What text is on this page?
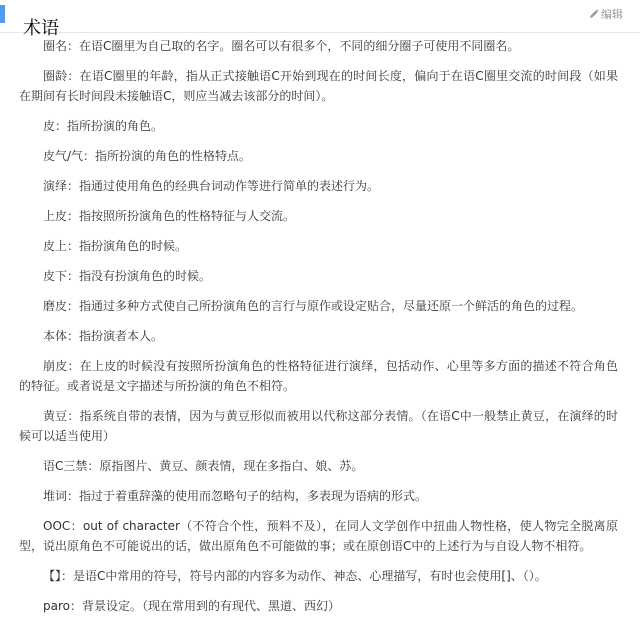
术语
编辑

圈名：在语C圈里为自己取的名字。圈名可以有很多个，不同的细分圈子可使用不同圈名。

圈龄：在语C圈里的年龄，指从正式接触语C开始到现在的时间长度，偏向于在语C圈里交流的时间段（如果在期间有长时间段未接触语C，则应当减去该部分的时间）。

皮：指所扮演的角色。

皮气/气：指所扮演的角色的性格特点。

演绎：指通过使用角色的经典台词动作等进行简单的表述行为。

上皮：指按照所扮演角色的性格特征与人交流。

皮上：指扮演角色的时候。

皮下：指没有扮演角色的时候。

磨皮：指通过多种方式使自己所扮演角色的言行与原作或设定贴合，尽量还原一个鲜活的角色的过程。

本体：指扮演者本人。

崩皮：在上皮的时候没有按照所扮演角色的性格特征进行演绎，包括动作、心里等多方面的描述不符合角色的特征。或者说是文字描述与所扮演的角色不相符。

黄豆：指系统自带的表情，因为与黄豆形似而被用以代称这部分表情。（在语C中一般禁止黄豆，在演绎的时候可以适当使用）

语C三禁：原指图片、黄豆、颜表情，现在多指白、娘、苏。

堆词：指过于着重辞藻的使用而忽略句子的结构，多表现为语病的形式。

OOC：out of character（不符合个性，预料不及），在同人文学创作中扭曲人物性格，使人物完全脱离原型，说出原角色不可能说出的话，做出原角色不可能做的事；或在原创语C中的上述行为与自设人物不相符。

【】：是语C中常用的符号，符号内部的内容多为动作、神态、心理描写，有时也会使用[]、（）。

paro：背景设定。（现在常用到的有现代、黑道、西幻）
